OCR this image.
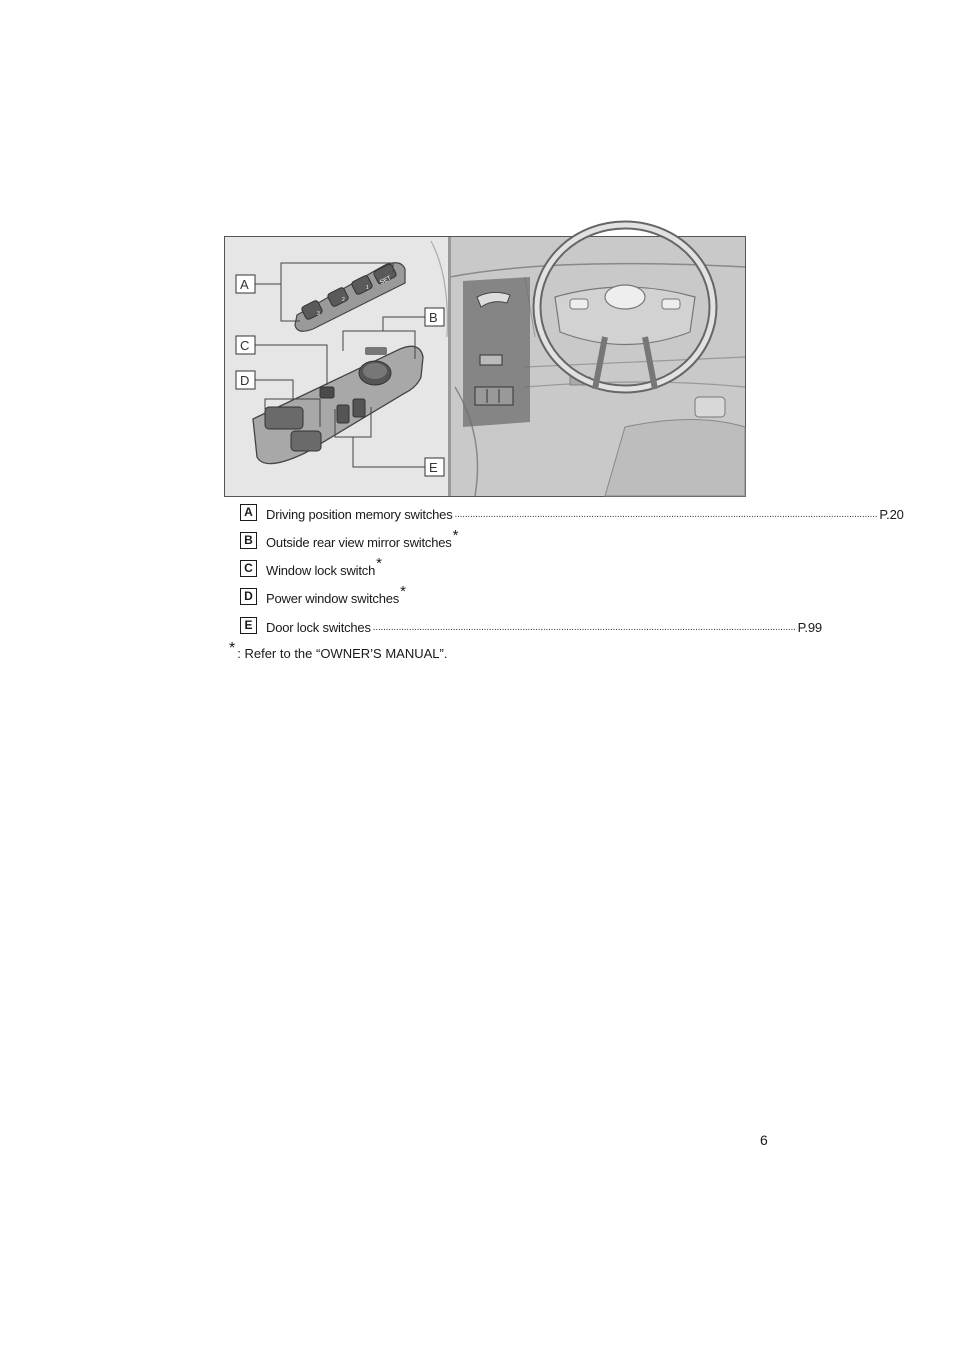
SET
3
2
1
A
B
C
D
E
A	Driving position memory switches .................................................................................................................................................................... P.20
B	Outside rear view mirror switches *
C	Window lock switch *
D	Power window switches *
E	Door lock switches .................................................................................................................................................................... P.99
* : Refer to the “OWNER’S MANUAL”.
6
